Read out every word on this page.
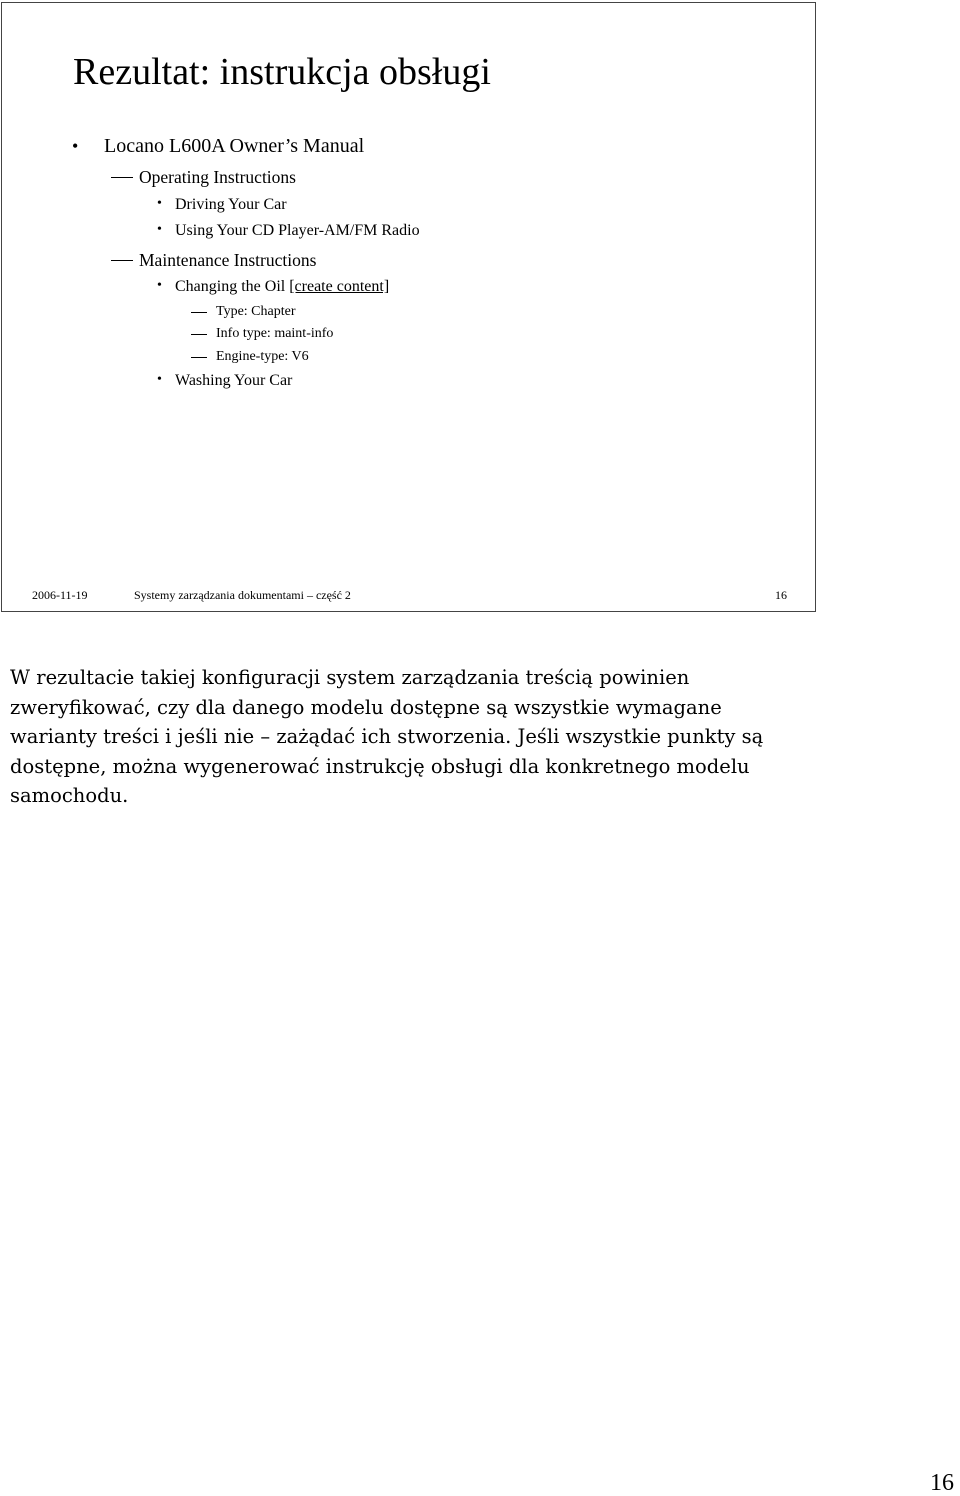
Rezultat: instrukcja obsługi
• Locano L600A Owner’s Manual
Operating Instructions
• Driving Your Car
• Using Your CD Player-AM/FM Radio
Maintenance Instructions
• Changing the Oil [create content]
Type: Chapter
Info type: maint-info
Engine-type: V6
• Washing Your Car
2006-11-19	Systemy zarządzania dokumentami – część 2	16

W rezultacie takiej konfiguracji system zarządzania treścią powinien zweryfikować, czy dla danego modelu dostępne są wszystkie wymagane warianty treści i jeśli nie – zażądać ich stworzenia. Jeśli wszystkie punkty są dostępne, można wygenerować instrukcję obsługi dla konkretnego modelu samochodu.

16
